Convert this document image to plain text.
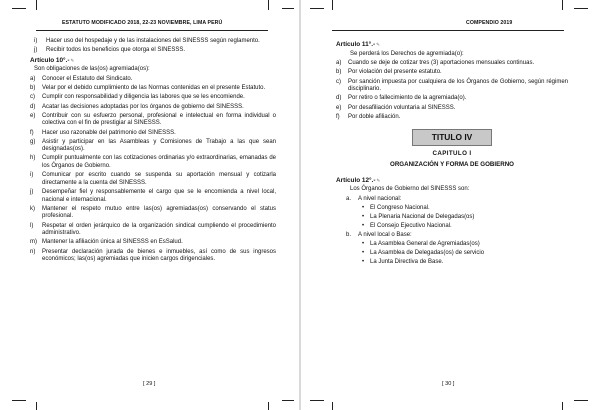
ESTATUTO MODIFICADO 2018, 22-23 NOVIEMBRE, LIMA PERÚ
i) Hacer uso del hospedaje y de las instalaciones del SINESSS según reglamento.
j) Recibir todos los beneficios que otorga el SINESSS.
Artículo 10°.-✎
Son obligaciones de las(os) agremiada(os):
a) Conocer el Estatuto del Sindicato.
b) Velar por el debido cumplimiento de las Normas contenidas en el presente Estatuto.
c) Cumplir con responsabilidad y diligencia las labores que se les encomiende.
d) Acatar las decisiones adoptadas por los órganos de gobierno del SINESSS.
e) Contribuir con su esfuerzo personal, profesional e intelectual en forma individual o colectiva con el fin de prestigiar al SINESSS.
f) Hacer uso razonable del patrimonio del SINESSS.
g) Asistir y participar en las Asambleas y Comisiones de Trabajo a las que sean designadas(os).
h) Cumplir puntualmente con las cotizaciones ordinarias y/o extraordinarias, emanadas de los Órganos de Gobierno.
i) Comunicar por escrito cuando se suspenda su aportación mensual y cotizarla directamente a la cuenta del SINESSS.
j) Desempeñar fiel y responsablemente el cargo que se le encomienda a nivel local, nacional e internacional.
k) Mantener el respeto mutuo entre las(os) agremiadas(os) conservando el status profesional.
l) Respetar el orden jerárquico de la organización sindical cumpliendo el procedimiento administrativo.
m) Mantener la afiliación única al SINESSS en EsSalud.
n) Presentar declaración jurada de bienes e inmuebles, así como de sus ingresos económicos; las(os) agremiadas que inicien cargos dirigenciales.
[ 29 ]
COMPENDIO 2019
Artículo 11°.-✎
Se perderá los Derechos de agremiada(o):
a) Cuando se deje de cotizar tres (3) aportaciones mensuales continuas.
b) Por violación del presente estatuto.
c) Por sanción impuesta por cualquiera de los Órganos de Gobierno, según régimen disciplinario.
d) Por retiro o fallecimiento de la agremiada(o).
e) Por desafiliación voluntaria al SINESSS.
f) Por doble afiliación.
TITULO IV
CAPITULO I
ORGANIZACIÓN Y FORMA DE GOBIERNO
Artículo 12°.-✎
Los Órganos de Gobierno del SINESSS son:
a. A nivel nacional:
• El Congreso Nacional.
• La Plenaria Nacional de Delegadas(os)
• El Consejo Ejecutivo Nacional.
b. A nivel local o Base:
• La Asamblea General de Agremiadas(os)
• La Asamblea de Delegadas(os) de servicio
• La Junta Directiva de Base.
[ 30 ]
